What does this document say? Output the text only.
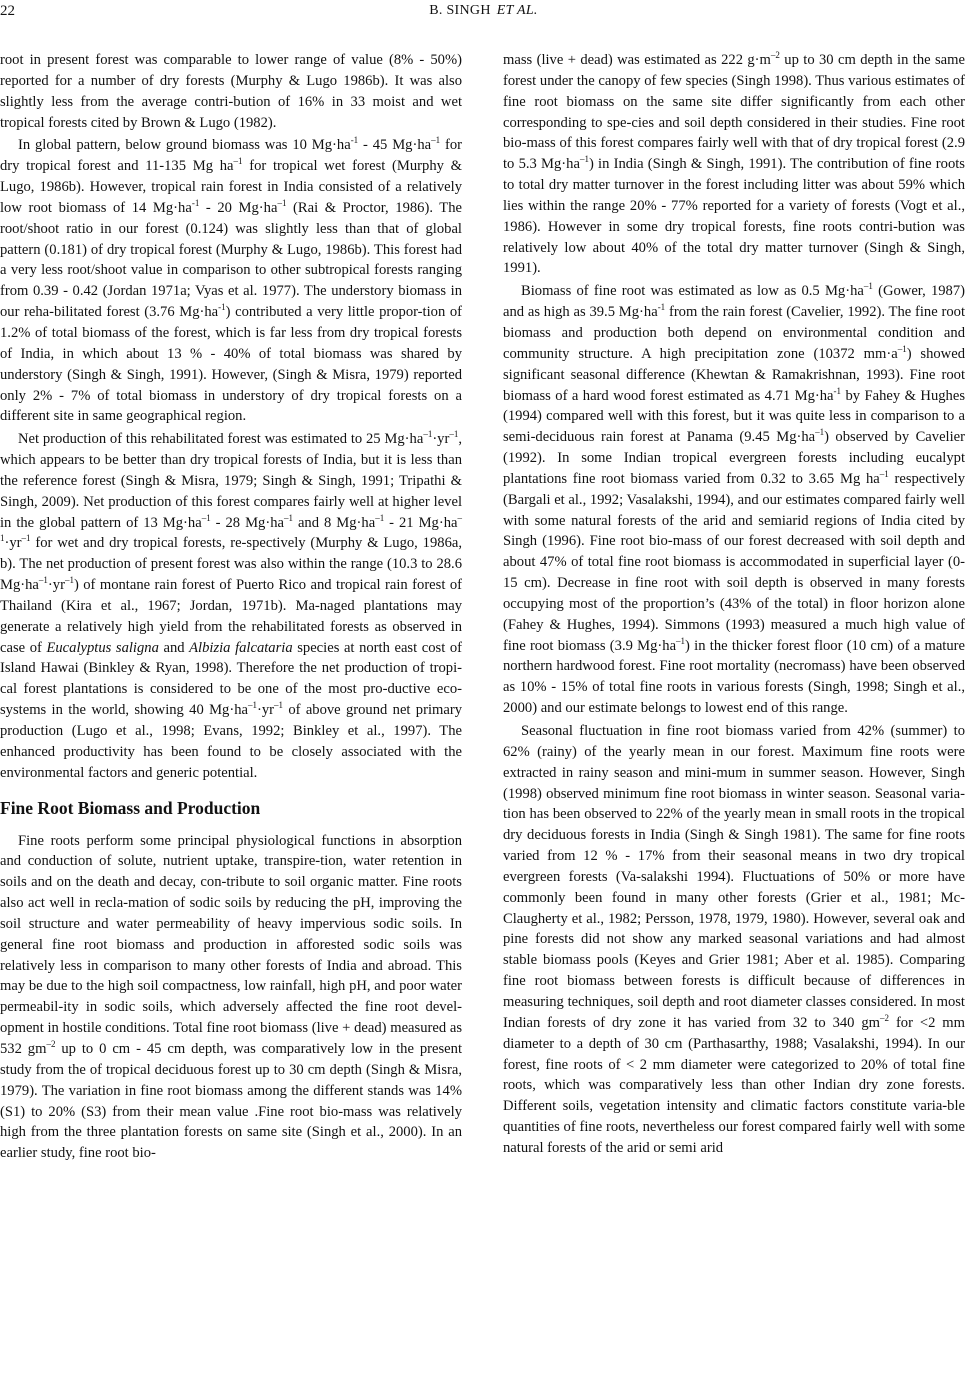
22	B. SINGH ET AL.

root in present forest was comparable to lower range of value (8% - 50%) reported for a number of dry forests (Murphy & Lugo 1986b). It was also slightly less from the average contri-bution of 16% in 33 moist and wet tropical forests cited by Brown & Lugo (1982).

In global pattern, below ground biomass was 10 $Mg\cdot ha^{-1} - 45$ $Mg\cdot ha^{-1}$ for dry tropical forest and 11-135 Mg $ha^{-1}$ for tropical wet forest (Murphy & Lugo, 1986b). However, tropical rain forest in India consisted of a relatively low root biomass of 14 $Mg\cdot ha^{-1} - 20$ $Mg\cdot ha^{-1}$ (Rai & Proctor, 1986). The root/shoot ratio in our forest (0.124) was slightly less than that of global pattern (0.181) of dry tropical forest (Murphy & Lugo, 1986b). This forest had a very less root/shoot value in comparison to other subtropical forests ranging from 0.39 - 0.42 (Jordan 1971a; Vyas et al. 1977). The understory biomass in our reha-bilitated forest (3.76 $Mg\cdot ha^{-1}$) contributed a very little propor-tion of 1.2% of total biomass of the forest, which is far less from dry tropical forests of India, in which about 13 % - 40% of total biomass was shared by understory (Singh & Singh, 1991). However, (Singh & Misra, 1979) reported only 2% - 7% of total biomass in understory of dry tropical forests on a different site in same geographical region.

Net production of this rehabilitated forest was estimated to 25 $Mg\cdot ha^{-1}\cdot yr^{-1}$, which appears to be better than dry tropical forests of India, but it is less than the reference forest (Singh & Misra, 1979; Singh & Singh, 1991; Tripathi & Singh, 2009). Net production of this forest compares fairly well at higher level in the global pattern of 13 $Mg\cdot ha^{-1} - 28$ $Mg\cdot ha^{-1}$ and 8 $Mg\cdot ha^{-1} - 21$ $Mg\cdot ha^{-1}\cdot yr^{-1}$ for wet and dry tropical forests, re-spectively (Murphy & Lugo, 1986a, b). The net production of present forest was also within the range (10.3 to 28.6 $Mg\cdot ha^{-1}\cdot yr^{-1}$) of montane rain forest of Puerto Rico and tropical rain forest of Thailand (Kira et al., 1967; Jordan, 1971b). Ma-naged plantations may generate a relatively high yield from the rehabilitated forests as observed in case of Eucalyptus saligna and Albizia falcataria species at north east cost of Island Hawai (Binkley & Ryan, 1998). Therefore the net production of tropi-cal forest plantations is considered to be one of the most pro-ductive eco- systems in the world, showing 40 $Mg\cdot ha^{-1}\cdot yr^{-1}$ of above ground net primary production (Lugo et al., 1998; Evans, 1992; Binkley et al., 1997). The enhanced productivity has been found to be closely associated with the environmental factors and generic potential.

Fine Root Biomass and Production

Fine roots perform some principal physiological functions in absorption and conduction of solute, nutrient uptake, transpire-tion, water retention in soils and on the death and decay, con-tribute to soil organic matter. Fine roots also act well in recla-mation of sodic soils by reducing the pH, improving the soil structure and water permeability of heavy impervious sodic soils. In general fine root biomass and production in afforested sodic soils was relatively less in comparison to many other forests of India and abroad. This may be due to the high soil compactness, low rainfall, high pH, and poor water permeabil-ity in sodic soils, which adversely affected the fine root devel-opment in hostile conditions. Total fine root biomass (live + dead) measured as 532 $gm^{-2}$ up to 0 cm - 45 cm depth, was comparatively low in the present study from the of tropical deciduous forest up to 30 cm depth (Singh & Misra, 1979). The variation in fine root biomass among the different stands was 14% (S1) to 20% (S3) from their mean value .Fine root bio-mass was relatively high from the three plantation forests on same site (Singh et al., 2000). In an earlier study, fine root bio-

mass (live + dead) was estimated as 222 $g\cdot m^{-2}$ up to 30 cm depth in the same forest under the canopy of few species (Singh 1998). Thus various estimates of fine root biomass on the same site differ significantly from each other corresponding to spe-cies and soil depth considered in their studies. Fine root bio-mass of this forest compares fairly well with that of dry tropical forest (2.9 to 5.3 $Mg\cdot ha^{-1}$) in India (Singh & Singh, 1991). The contribution of fine roots to total dry matter turnover in the forest including litter was about 59% which lies within the range 20% - 77% reported for a variety of forests (Vogt et al., 1986). However in some dry tropical forests, fine roots contri-bution was relatively low about 40% of the total dry matter turnover (Singh & Singh, 1991).

Biomass of fine root was estimated as low as 0.5 $Mg\cdot ha^{-1}$ (Gower, 1987) and as high as 39.5 $Mg\cdot ha^{-1}$ from the rain forest (Cavelier, 1992). The fine root biomass and production both depend on environmental condition and community structure. A high precipitation zone (10372 $mm\cdot a^{-1}$) showed significant seasonal difference (Khewtan & Ramakrishnan, 1993). Fine root biomass of a hard wood forest estimated as 4.71 $Mg\cdot ha^{-1}$ by Fahey & Hughes (1994) compared well with this forest, but it was quite less in comparison to a semi-deciduous rain forest at Panama (9.45 $Mg\cdot ha^{-1}$) observed by Cavelier (1992). In some Indian tropical evergreen forests including eucalypt plantations fine root biomass varied from 0.32 to 3.65 Mg $ha^{-1}$ respectively (Bargali et al., 1992; Vasalakshi, 1994), and our estimates compared fairly well with some natural forests of the arid and semiarid regions of India cited by Singh (1996). Fine root bio-mass of our forest decreased with soil depth and about 47% of total fine root biomass is accommodated in superficial layer (0-15 cm). Decrease in fine root with soil depth is observed in many forests occupying most of the proportion’s (43% of the total) in floor horizon alone (Fahey & Hughes, 1994). Simmons (1993) measured a much high value of fine root biomass (3.9 $Mg\cdot ha^{-1}$) in the thicker forest floor (10 cm) of a mature northern hardwood forest. Fine root mortality (necromass) have been observed as 10% - 15% of total fine roots in various forests (Singh, 1998; Singh et al., 2000) and our estimate belongs to lowest end of this range.

Seasonal fluctuation in fine root biomass varied from 42% (summer) to 62% (rainy) of the yearly mean in our forest. Maximum fine roots were extracted in rainy season and mini-mum in summer season. However, Singh (1998) observed minimum fine root biomass in winter season. Seasonal varia-tion has been observed to 22% of the yearly mean in small roots in the tropical dry deciduous forests in India (Singh & Singh 1981). The same for fine roots varied from 12 % - 17% from their seasonal means in two dry tropical evergreen forests (Va-salakshi 1994). Fluctuations of 50% or more have commonly been found in many other forests (Grier et al., 1981; Mc-Claugherty et al., 1982; Persson, 1978, 1979, 1980). However, several oak and pine forests did not show any marked seasonal variations and had almost stable biomass pools (Keyes and Grier 1981; Aber et al. 1985). Comparing fine root biomass between forests is difficult because of differences in measuring techniques, soil depth and root diameter classes considered. In most Indian forests of dry zone it has varied from 32 to 340 $gm^{-2}$ for <2 mm diameter to a depth of 30 cm (Parthasarthy, 1988; Vasalakshi, 1994). In our forest, fine roots of < 2 mm diameter were categorized to 20% of total fine roots, which was comparatively less than other Indian dry zone forests. Different soils, vegetation intensity and climatic factors constitute varia-ble quantities of fine roots, nevertheless our forest compared fairly well with some natural forests of the arid or semi arid
